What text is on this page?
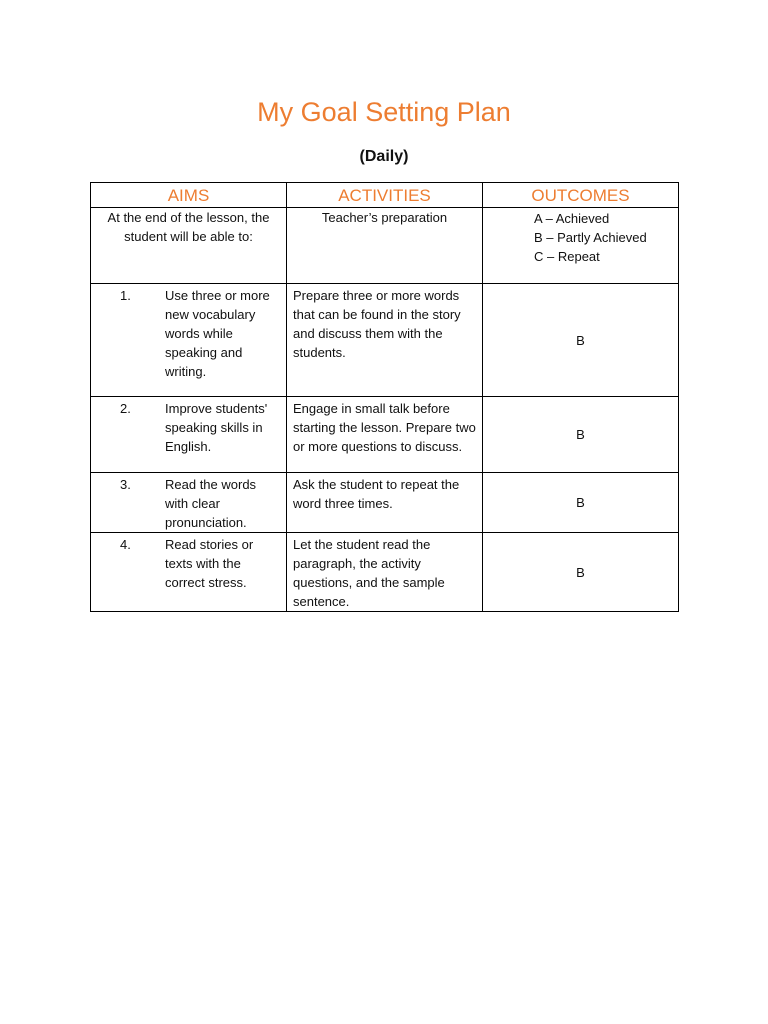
My Goal Setting Plan
(Daily)
AIMS	ACTIVITIES	OUTCOMES
At the end of the lesson, the student will be able to:	Teacher’s preparation	A – Achieved
B – Partly Achieved
C – Repeat

1. Use three or more new vocabulary words while speaking and writing.	Prepare three or more words that can be found in the story and discuss them with the students.	B

2. Improve students' speaking skills in English.	Engage in small talk before starting the lesson. Prepare two or more questions to discuss.	B

3. Read the words with clear pronunciation.	Ask the student to repeat the word three times.	B

4. Read stories or texts with the correct stress.	Let the student read the paragraph, the activity questions, and the sample sentence.	B
